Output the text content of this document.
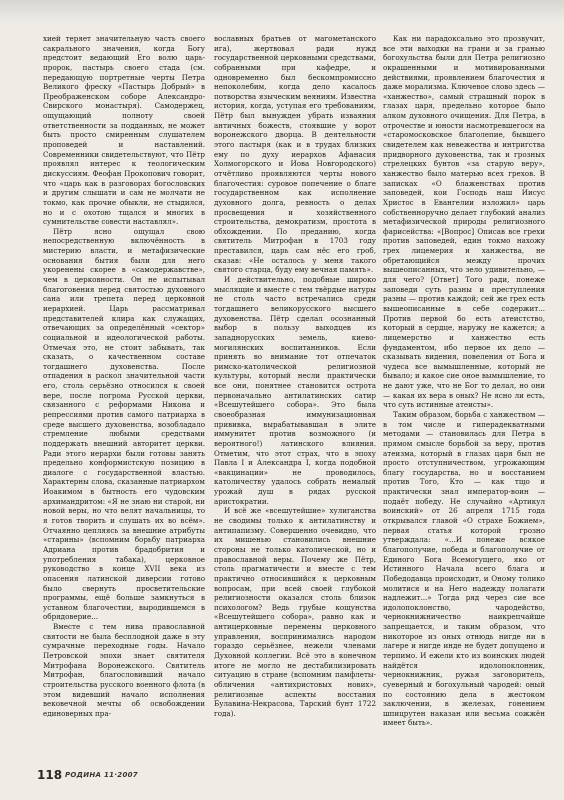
хией теряет значительную часть своего сакрального значения, когда Богу предстоит ведающий Его волю царь-пророк, пастырь своего стада (см. передающую портретные черты Петра Великого фреску «Пастырь Добрый» в Преображенском соборе Александро-Свирского монастыря). Самодержец, ощущающий полноту своей ответственности за подданных, не может быть просто смиренным слушателем проповедей и наставлений. Современники свидетельствуют, что Пётр проявлял интерес к теологическим дискуссиям. Феофан Прокопович говорит, что «царь как в разговорах богословских и другим слышати и сам не молчати не токмо, как прочие обыкли, не стыдился, но и с охотою тщался и многих в сумнительстве совести наставлял».

Пётр ясно ощущал свою непосредственную включённость в мистерию власти, и метафизические основания бытия были для него укоренены скорее в «самодержавстве», чем в церковности. Он не испытывал благоговения перед святостью духовного сана или трепета перед церковной иерархией. Царь рассматривал представителей клира как служащих, отвечающих за определённый «сектор» социальной и идеологической работы. Отмечая это, не стоит забывать, так сказать, о качественном составе тогдашнего духовенства. После отпадения в раскол значительной части его, столь серьёзно относился к своей вере, после погрома Русской церкви, связанного с реформами Никона и репрессиями против самого патриарха в среде высшего духовенства, возобладало стремление любыми средствами поддержать внешний авторитет церкви. Ради этого иерархи были готовы занять предельно конформистскую позицию в диалоге с государственной властью. Характерны слова, сказанные патриархом Иоакимом в бытность его чудовским архимандритом: «Я не знаю ни старой, ни новой веры, но что велят начальницы, то я готов творить и слушать их во всём». Отчаянно цепляясь за внешние атрибуты «старины» (вспомним борьбу патриарха Адриана против брадобрития и употребления табака), церковное руководство в конце XVII века из опасения латинской диверсии готово было свернуть просветительские программы, ещё больше замкнуться в уставном благочестии, выродившемся в обрядоверие...

Вместе с тем нива православной святости не была бесплодной даже в эту сумрачные переходные годы. Начало Петровской эпохи знает святителя Митрофана Воронежского. Святитель Митрофан, благословивший начало строительства русского военного флота (в этом видевший начало исполнения вековечной мечты об освобождении единоверных пра-

вославных братьев от магометанского ига), жертвовал ради нужд государственной церковными средствами, собранными при кафедре, и одновременно был бескомпромиссно непоколебим, когда дело касалось потворства языческим веяниям. Известна история, когда, уступая его требованиям, Пётр был вынужден убрать изваяния античных божеств, стоявшие у ворот воронежского дворца. В деятельности этого пастыря (как и в трудах близких ему по духу иерархов Афанасия Холмогорского и Иова Новгородского) отчётливо проявляются черты нового благочестия: суровое попечение о благе государственном как исполнение духовного долга, ревность о делах просвещения и хозяйственного строительства, демократизм, простота в обхождении. По преданию, когда святитель Митрофан в 1703 году преставился, царь сам нёс его гроб, сказав: «Не осталось у меня такого святого старца, буду ему вечная память».

И действительно, подобные широко мыслящие и вместе с тем твёрдые натуры не столь часто встречались среди тогдашнего великорусского высшего духовенства. Пётр сделал осознанный выбор в пользу выходцев из западнорусских земель, киево-могилянских воспитанников. Если принять во внимание тот отпечаток римско-католической религиозной культуры, который несли практически все они, понятнее становится острота первоначально антилатинских сатир «Всешутейшего собора». Это была своеобразная иммунизационная прививка, вырабатывавшая в элите иммунитет против возможного (и вероятного!) латинского влияния. Отметим, что этот страх, что в эпоху Павла I и Александра I, когда подобной «вакцинации» не проводилось, католичеству удалось собрать немалый урожай душ в рядах русской аристократии.

И всё же «всешутейшие» хулиганства не сводимы только к антилатинству и антипапизму. Совершенно очевидно, что их мишенью становились внешние стороны не только католической, но и православной веры. Почему же Пётр, столь прагматичести и вместе с тем практично относившийся к церковным вопросам, при всей своей глубокой религиозности оказался столь близок психологом? Ведь грубые кощунства «Всешутейшего собора», равно как и антицерковные перемены церковного управления, воспринимались народом гораздо серьёзнее, нежели членами Духовной коллегии. Всё это в конечном итоге не могло не дестабилизировать ситуацию в стране (вспомним памфлеты-обличения «антихристовых нових», религиозные аспекты восстания Булавина-Некрасова, Тарский бунт 1722 года).

Как ни парадоксально это прозвучит, все эти выходки на грани и за гранью богохульства были для Петра религиозно окрашенными и мотивированными действиями, проявлением благочестия и даже морализма. Ключевое слово здесь — «ханжество», самый страшный порок в глазах царя, предельно которое было алком духовного очищения. Для Петра, в отрочестве и юности насмотревшегося на «старомосковское благолепие, бывшего свидетелем как невежества и интригства придворного духовенства, так и грозных стрелецких бунтов «за старую веру», ханжество было матерью всех грехов. В записках «О блаженствах против заповедей, кои Господь наш Иисус Христос в Евангелии изложил» царь собственноручно делает глубокий анализ метафизической природы религиозного фарисейства: «[Вопрос] Описав все грехи против заповедей, един токмо нахожу грех лицемерия и ханжества, не обретающийся между прочих вышеописанных, что зело удивительно, — для чего? [Ответ] Того ради, понеже заповеди суть разны и преступления разны — против каждой; сей же грех есть вышеописанные в себе содержит... Против первой бо есть атеистство, который в сердце, наружу не кажется; а лицемерство и ханжество есть фундаментом, ибо первое их дело — сказывать видения, повеления от Бога и чудеса все вымышленные, который не бывало; и какое сие оное вымышление, то не дают уже, что не Бог то делал, но они — какая их вера в оных? Не ясно ли есть, что суть истинные атеисты».

Таким образом, борьба с ханжеством — в том числе и гиперадекватными методами — становилась для Петра в прямом смысле борьбой за веру, против атеизма, который в глазах царя был не просто отступничеством, угрожающим благу государства, но и восстанием против Того, Кто — как тщ̣о и практически знал император-воин — подаёт победу. Не случайно «Артикул воинский» от 26 апреля 1715 года открывался главой «О страхе Божием», первая статья которой грозно утверждала: «...И понеже всякое благополучие, победа и благополучие от Единого Бога Всемогущего, яко от Истинного Начала всего блага и Победодавца происходит, и Оному толико молитися и на Него надежду полагати надлежит...» Тогда ряд через сие все идолопоклонство, чародейство, чернокнижничество наикрепчайше запрещается, и таким образом, что никоторое из оных отнюдь нигде ни в лагере и нигде инде не будет допущено и терпимо. И ежели кто из воинских людей найдётся идолопоклонник, чернокнижник, ружья заговоритель, суеверный и богохульный чародей: оный по состоянию дела в жестоком заключении, в железах, гонением шпицрутен наказан или весьма сожжён имеет быть».

118 РОДИНА 11·2007
